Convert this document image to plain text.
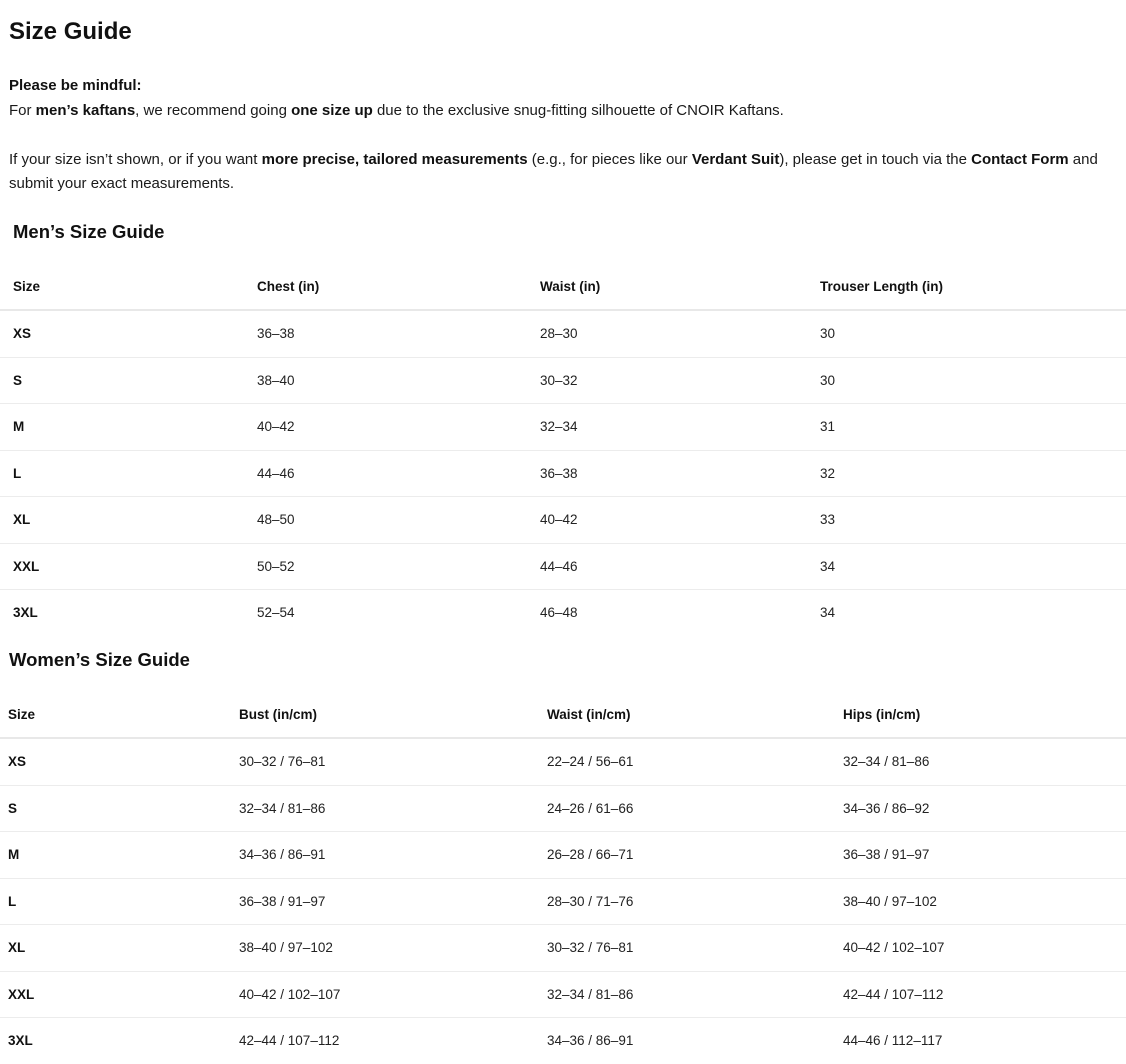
Size Guide

Please be mindful:

For men’s kaftans, we recommend going one size up due to the exclusive snug-fitting silhouette of CNOIR Kaftans.

If your size isn’t shown, or if you want more precise, tailored measurements (e.g., for pieces like our Verdant Suit), please get in touch via the Contact Form and submit your exact measurements.

Men’s Size Guide
Size	Chest (in)	Waist (in)	Trouser Length (in)
XS	36–38	28–30	30
S	38–40	30–32	30
M	40–42	32–34	31
L	44–46	36–38	32
XL	48–50	40–42	33
XXL	50–52	44–46	34
3XL	52–54	46–48	34
Women’s Size Guide
Size	Bust (in/cm)	Waist (in/cm)	Hips (in/cm)
XS	30–32 / 76–81	22–24 / 56–61	32–34 / 81–86
S	32–34 / 81–86	24–26 / 61–66	34–36 / 86–92
M	34–36 / 86–91	26–28 / 66–71	36–38 / 91–97
L	36–38 / 91–97	28–30 / 71–76	38–40 / 97–102
XL	38–40 / 97–102	30–32 / 76–81	40–42 / 102–107
XXL	40–42 / 102–107	32–34 / 81–86	42–44 / 107–112
3XL	42–44 / 107–112	34–36 / 86–91	44–46 / 112–117
